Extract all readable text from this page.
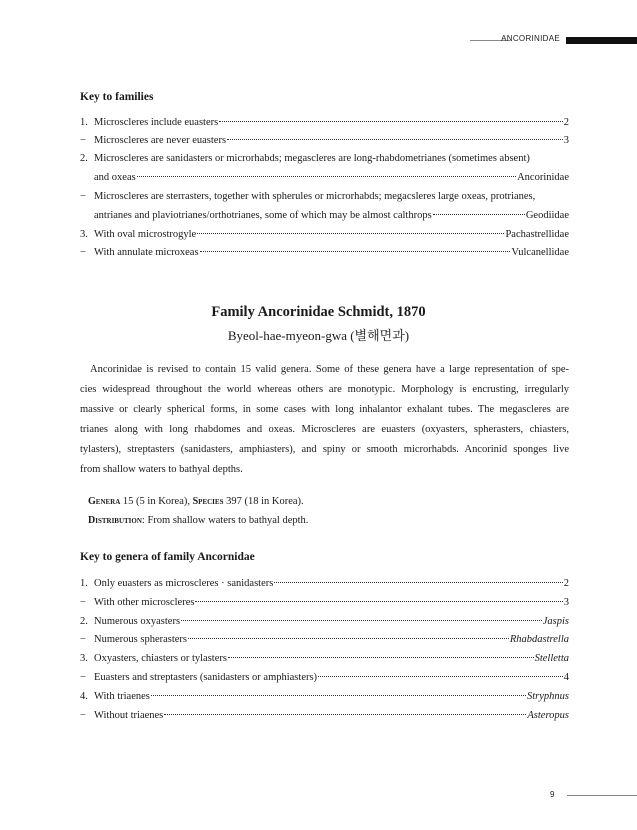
ANCORINIDAE
Key to families
1. Microscleres include euasters	2
− Microscleres are never euasters	3
2. Microscleres are sanidasters or microrhabds; megascleres are long-rhabdometrianes (sometimes absent)
and oxeas	Ancorinidae
− Microscleres are sterrasters, together with spherules or microrhabds; megacsleres large oxeas, protrianes,
antrianes and plaviotrianes/orthotrianes, some of which may be almost calthrops	Geodiidae
3. With oval microstrogyle	Pachastrellidae
− With annulate microxeas	Vulcanellidae
Family Ancorinidae Schmidt, 1870
Byeol-hae-myeon-gwa (별해면과)
Ancorinidae is revised to contain 15 valid genera. Some of these genera have a large representation of spe-
cies widespread throughout the world whereas others are monotypic. Morphology is encrusting, irregularly
massive or clearly spherical forms, in some cases with long inhalantor exhalant tubes. The megascleres are
trianes along with long rhabdomes and oxeas. Microscleres are euasters (oxyasters, spherasters, chiasters,
tylasters), streptasters (sanidasters, amphiasters), and spiny or smooth microrhabds. Ancorinid sponges live
from shallow waters to bathyal depths.
Genera 15 (5 in Korea), Species 397 (18 in Korea).
Distribution: From shallow waters to bathyal depth.
Key to genera of family Ancornidae
1. Only euasters as microscleres · sanidasters	2
− With other microscleres	3
2. Numerous oxyasters	Jaspis
− Numerous spherasters	Rhabdastrella
3. Oxyasters, chiasters or tylasters	Stelletta
− Euasters and streptasters (sanidasters or amphiasters)	4
4. With triaenes	Stryphnus
− Without triaenes	Asteropus
9
